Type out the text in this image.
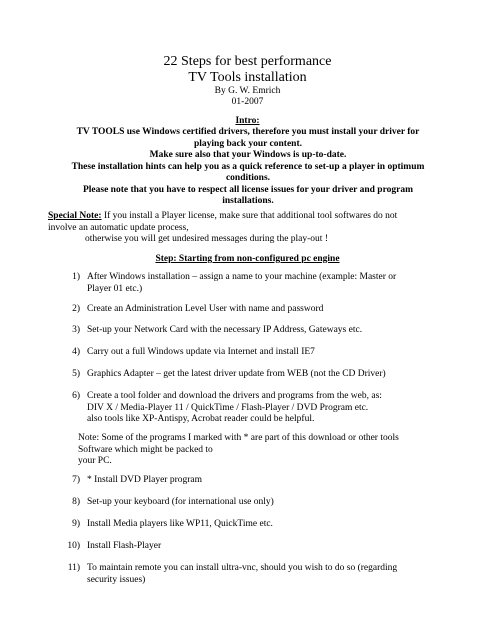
22 Steps for best performance
TV Tools installation
By G. W. Emrich
01-2007
Intro:
TV TOOLS use Windows certified drivers, therefore you must install your driver for
playing back your content.
Make sure also that your Windows is up-to-date.
These installation hints can help you as a quick reference to set-up a player in optimum
conditions.
Please note that you have to respect all license issues for your driver and program
installations.
Special Note: If you install a Player license, make sure that additional tool softwares do not
involve an automatic update process,
otherwise you will get undesired messages during the play-out !
Step: Starting from non-configured pc engine
1) After Windows installation – assign a name to your machine (example: Master or
Player 01 etc.)
2) Create an Administration Level User with name and password
3) Set-up your Network Card with the necessary IP Address, Gateways etc.
4) Carry out a full Windows update via Internet and install IE7
5) Graphics Adapter – get the latest driver update from WEB (not the CD Driver)
6) Create a tool folder and download the drivers and programs from the web, as:
DIV X / Media-Player 11 / QuickTime / Flash-Player / DVD Program etc.
also tools like XP-Antispy, Acrobat reader could be helpful.
Note: Some of the programs I marked with * are part of this download or other tools
Software which might be packed to
your PC.
7) * Install DVD Player program
8) Set-up your keyboard (for international use only)
9) Install Media players like WP11, QuickTime etc.
10) Install Flash-Player
11) To maintain remote you can install ultra-vnc, should you wish to do so (regarding
security issues)
